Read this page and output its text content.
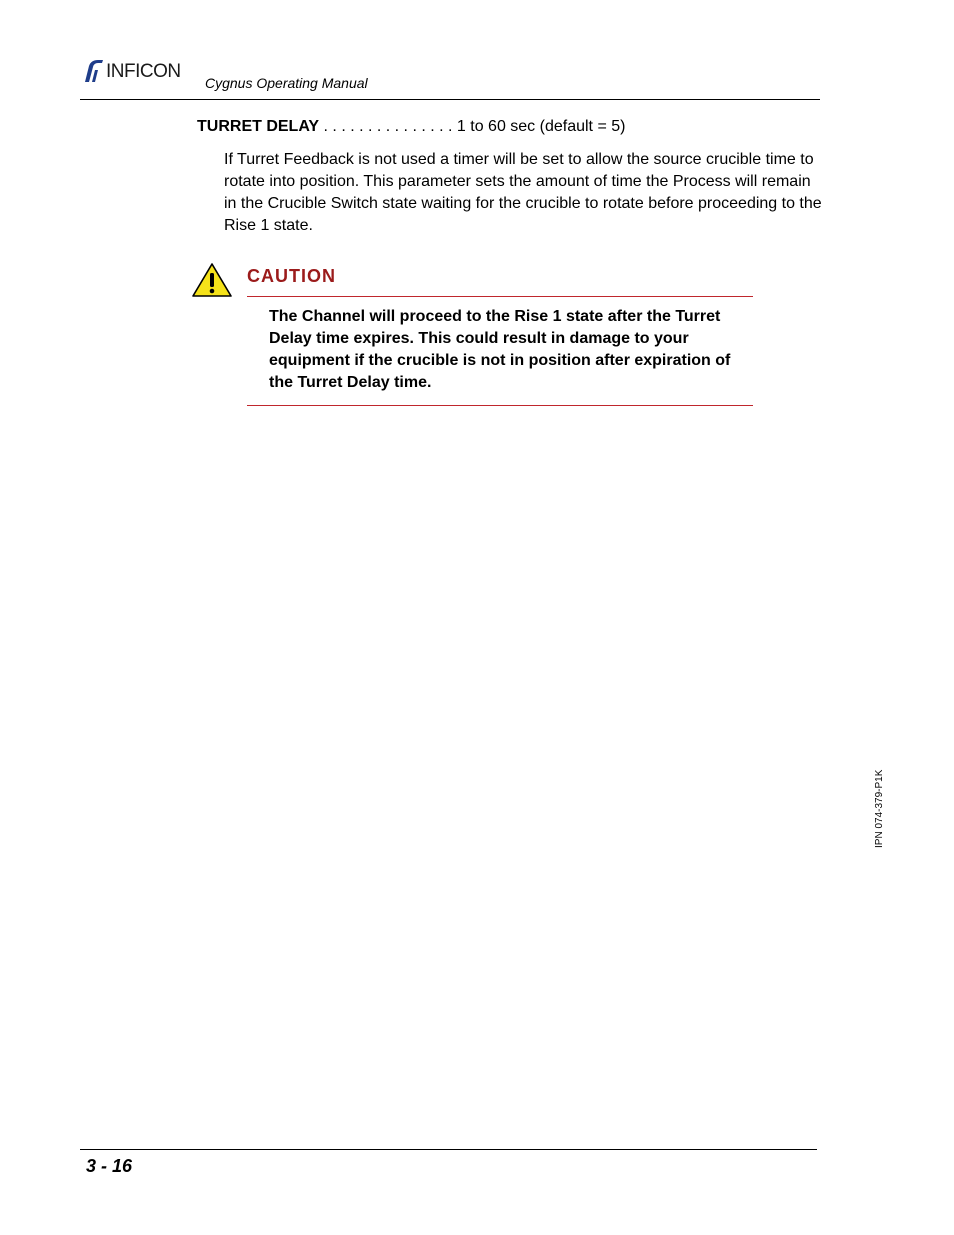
INFICON
Cygnus Operating Manual
TURRET DELAY . . . . . . . . . . . . . . . 1 to 60 sec (default = 5)
If Turret Feedback is not used a timer will be set to allow the source crucible time to rotate into position. This parameter sets the amount of time the Process will remain in the Crucible Switch state waiting for the crucible to rotate before proceeding to the Rise 1 state.
CAUTION
The Channel will proceed to the Rise 1 state after the Turret Delay time expires. This could result in damage to your equipment if the crucible is not in position after expiration of the Turret Delay time.
IPN 074-379-P1K
3 - 16
